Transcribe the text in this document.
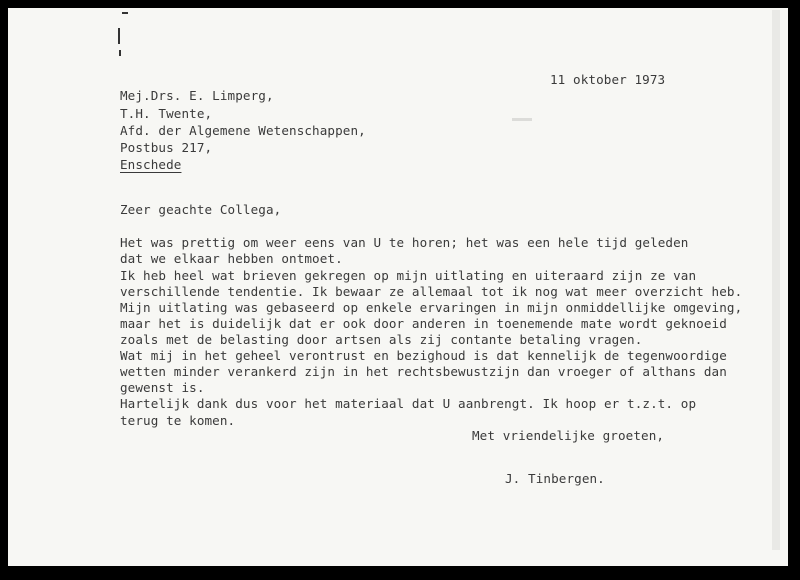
11 oktober 1973

Mej.Drs. E. Limperg,

T.H. Twente,

Afd. der Algemene Wetenschappen,

Postbus 217,

Enschede

Zeer geachte Collega,

Het was prettig om weer eens van U te horen; het was een hele tijd geleden

dat we elkaar hebben ontmoet.

Ik heb heel wat brieven gekregen op mijn uitlating en uiteraard zijn ze van

verschillende tendentie. Ik bewaar ze allemaal tot ik nog wat meer overzicht heb.

Mijn uitlating was gebaseerd op enkele ervaringen in mijn onmiddellijke omgeving,

maar het is duidelijk dat er ook door anderen in toenemende mate wordt geknoeid

zoals met de belasting door artsen als zij contante betaling vragen.

Wat mij in het geheel verontrust en bezighoud is dat kennelijk de tegenwoordige

wetten minder verankerd zijn in het rechtsbewustzijn dan vroeger of althans dan

gewenst is.

Hartelijk dank dus voor het materiaal dat U aanbrengt. Ik hoop er t.z.t. op

terug te komen.

Met vriendelijke groeten,
J. Tinbergen.
